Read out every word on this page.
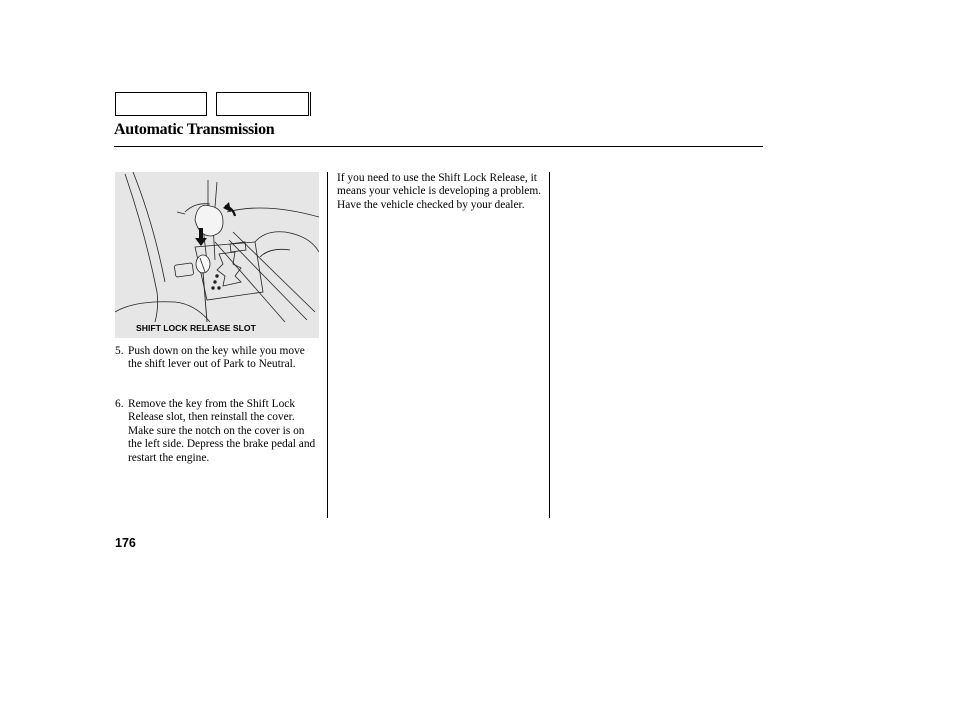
Automatic Transmission
SHIFT LOCK RELEASE SLOT
5. Push down on the key while you move the shift lever out of Park to Neutral.
6. Remove the key from the Shift Lock Release slot, then reinstall the cover. Make sure the notch on the cover is on the left side. Depress the brake pedal and restart the engine.
If you need to use the Shift Lock Release, it means your vehicle is developing a problem. Have the vehicle checked by your dealer.
176
